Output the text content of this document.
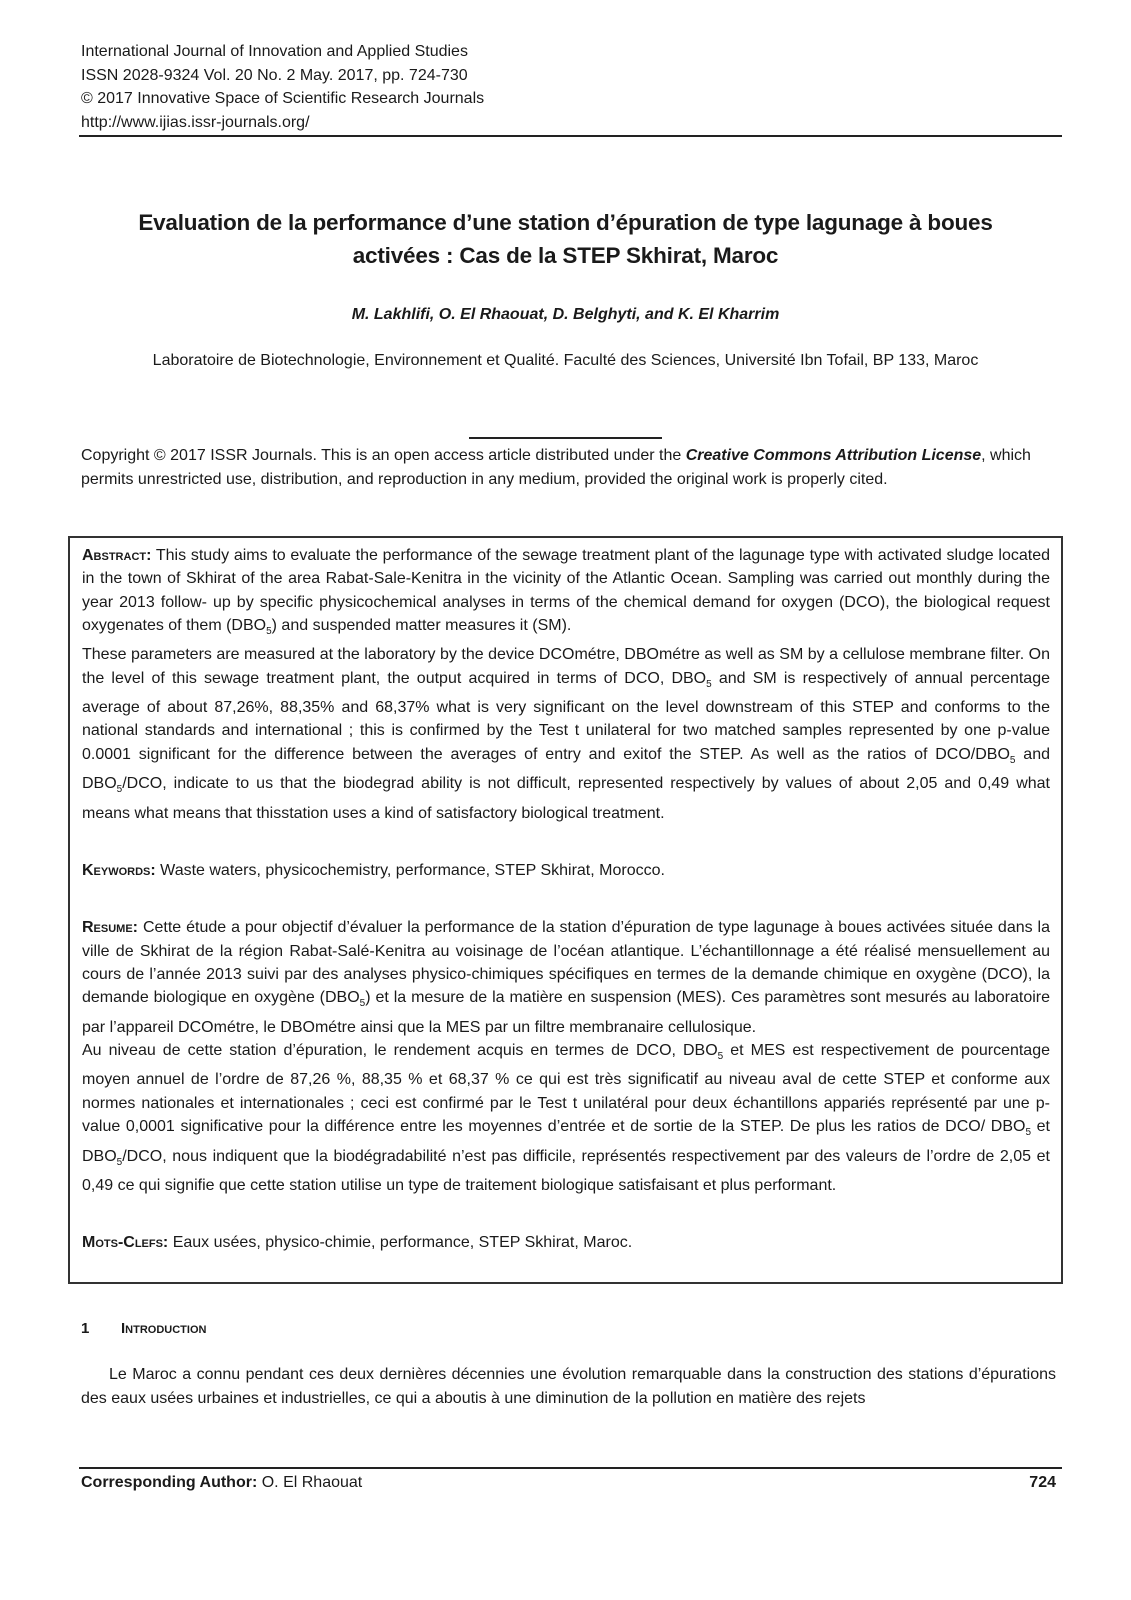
International Journal of Innovation and Applied Studies
ISSN 2028-9324 Vol. 20 No. 2 May. 2017, pp. 724-730
© 2017 Innovative Space of Scientific Research Journals
http://www.ijias.issr-journals.org/
Evaluation de la performance d’une station d’épuration de type lagunage à boues activées : Cas de la STEP Skhirat, Maroc
M. Lakhlifi, O. El Rhaouat, D. Belghyti, and K. El Kharrim
Laboratoire de Biotechnologie, Environnement et Qualité. Faculté des Sciences, Université Ibn Tofail, BP 133, Maroc
Copyright © 2017 ISSR Journals. This is an open access article distributed under the Creative Commons Attribution License, which permits unrestricted use, distribution, and reproduction in any medium, provided the original work is properly cited.

Abstract: This study aims to evaluate the performance of the sewage treatment plant of the lagunage type with activated sludge located in the town of Skhirat of the area Rabat-Sale-Kenitra in the vicinity of the Atlantic Ocean. Sampling was carried out monthly during the year 2013 follow- up by specific physicochemical analyses in terms of the chemical demand for oxygen (DCO), the biological request oxygenates of them $(DBO_5)$ and suspended matter measures it (SM).

These parameters are measured at the laboratory by the device DCOmétre, DBOmétre as well as SM by a cellulose membrane filter. On the level of this sewage treatment plant, the output acquired in terms of DCO, $DBO_5$ and SM is respectively of annual percentage average of about 87,26%, 88,35% and 68,37% what is very significant on the level downstream of this STEP and conforms to the national standards and international ; this is confirmed by the Test t unilateral for two matched samples represented by one p-value 0.0001 significant for the difference between the averages of entry and exitof the STEP. As well as the ratios of DCO/$DBO_5$ and $DBO_5$/DCO, indicate to us that the biodegrad ability is not difficult, represented respectively by values of about 2,05 and 0,49 what means what means that thisstation uses a kind of satisfactory biological treatment.

Keywords: Waste waters, physicochemistry, performance, STEP Skhirat, Morocco.

Resume: Cette étude a pour objectif d’évaluer la performance de la station d’épuration de type lagunage à boues activées située dans la ville de Skhirat de la région Rabat-Salé-Kenitra au voisinage de l’océan atlantique. L’échantillonnage a été réalisé mensuellement au cours de l’année 2013 suivi par des analyses physico-chimiques spécifiques en termes de la demande chimique en oxygène (DCO), la demande biologique en oxygène $(DBO_5)$ et la mesure de la matière en suspension (MES). Ces paramètres sont mesurés au laboratoire par l’appareil DCOmétre, le DBOmétre ainsi que la MES par un filtre membranaire cellulosique.

Au niveau de cette station d’épuration, le rendement acquis en termes de DCO, $DBO_5$ et MES est respectivement de pourcentage moyen annuel de l’ordre de 87,26 %, 88,35 % et 68,37 % ce qui est très significatif au niveau aval de cette STEP et conforme aux normes nationales et internationales ; ceci est confirmé par le Test t unilatéral pour deux échantillons appariés représenté par une p-value 0,0001 significative pour la différence entre les moyennes d’entrée et de sortie de la STEP. De plus les ratios de DCO/ $DBO_5$ et $DBO_5$/DCO, nous indiquent que la biodégradabilité n’est pas difficile, représentés respectivement par des valeurs de l’ordre de 2,05 et 0,49 ce qui signifie que cette station utilise un type de traitement biologique satisfaisant et plus performant.

Mots-Clefs: Eaux usées, physico-chimie, performance, STEP Skhirat, Maroc.

1 Introduction

Le Maroc a connu pendant ces deux dernières décennies une évolution remarquable dans la construction des stations d’épurations des eaux usées urbaines et industrielles, ce qui a aboutis à une diminution de la pollution en matière des rejets

Corresponding Author: O. El Rhaouat	724
